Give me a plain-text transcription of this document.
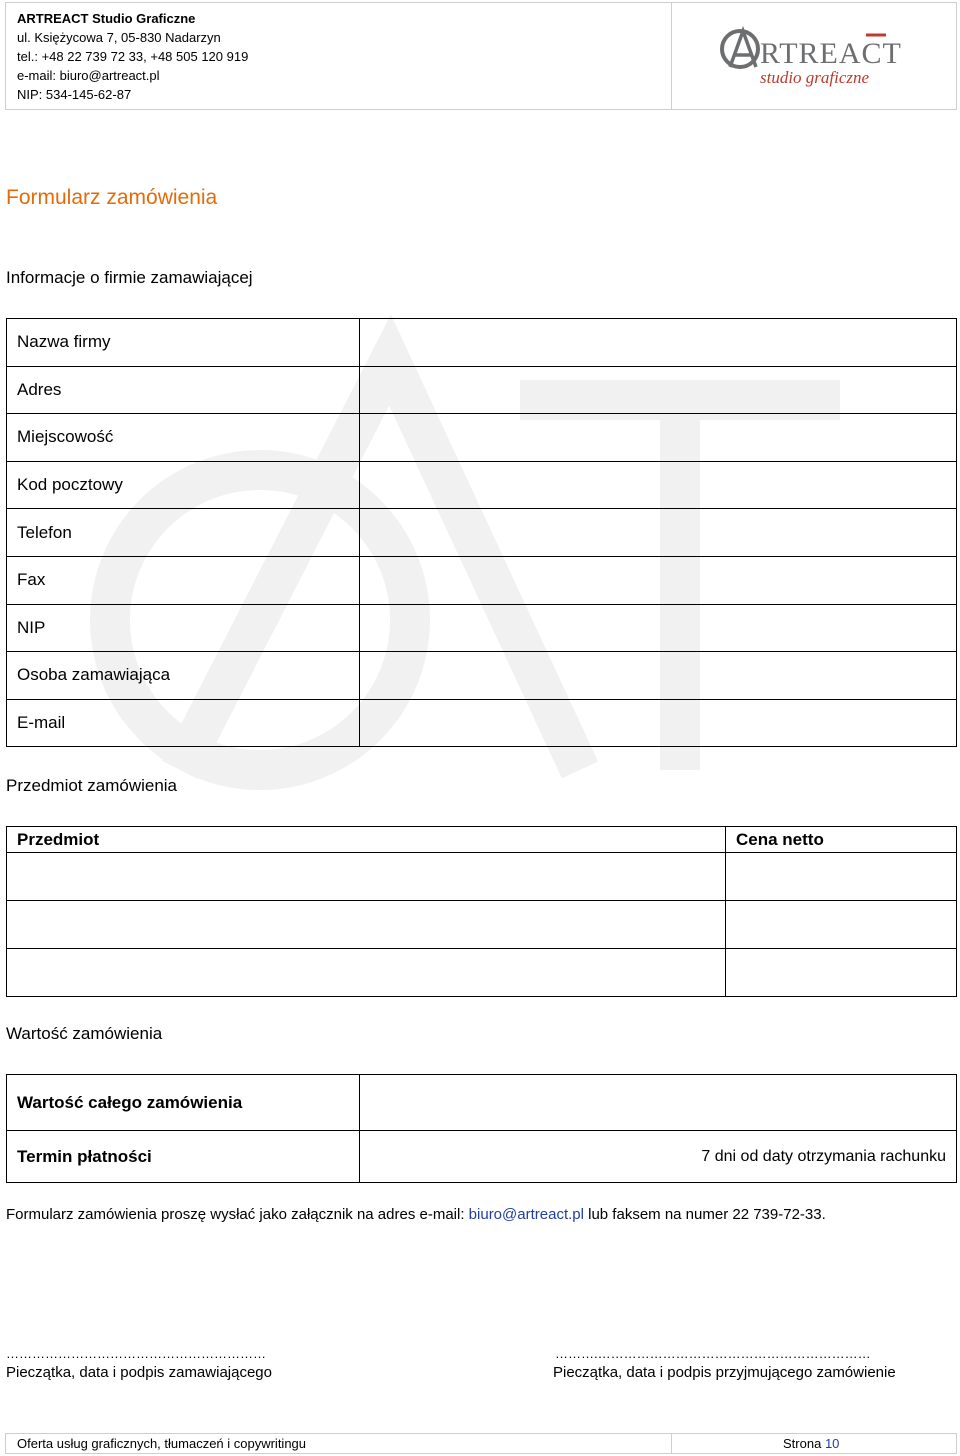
ARTREACT Studio Graficzne
ul. Księżycowa 7, 05-830 Nadarzyn
tel.: +48 22 739 72 33, +48 505 120 919
e-mail: biuro@artreact.pl
NIP: 534-145-62-87
RTREACT
studio graficzne
Formularz zamówienia
Informacje o firmie zamawiającej
Nazwa firmy	
Adres	
Miejscowość	
Kod pocztowy	
Telefon	
Fax	
NIP	
Osoba zamawiająca	
E-mail	
Przedmiot zamówienia
Przedmiot	Cena netto

Wartość zamówienia
Wartość całego zamówienia	
Termin płatności	7 dni od daty otrzymania rachunku
Formularz zamówienia proszę wysłać jako załącznik na adres e-mail: biuro@artreact.pl lub faksem na numer 22 739-72-33.
……………………………………………………
Pieczątka, data i podpis zamawiającego
……….………………………………………………………
Pieczątka, data i podpis przyjmującego zamówienie
Oferta usług graficznych, tłumaczeń i copywritingu	Strona 10
